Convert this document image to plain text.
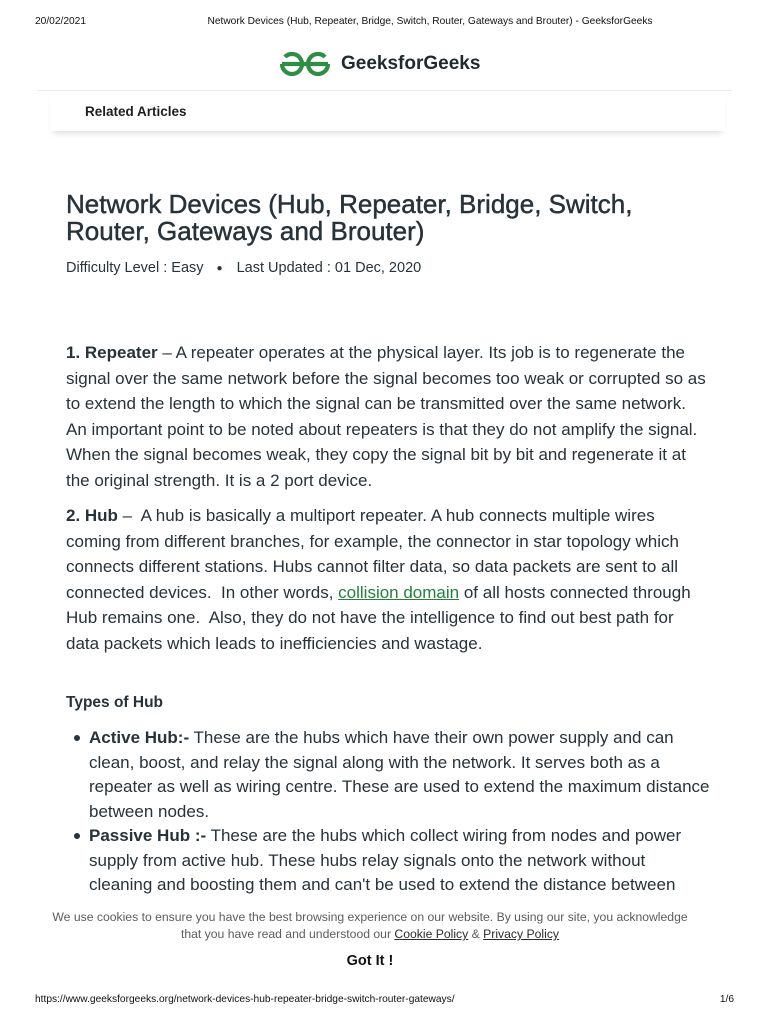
20/02/2021	Network Devices (Hub, Repeater, Bridge, Switch, Router, Gateways and Brouter) - GeeksforGeeks
GeeksforGeeks
Related Articles
Network Devices (Hub, Repeater, Bridge, Switch,
Router, Gateways and Brouter)
Difficulty Level : Easy ● Last Updated : 01 Dec, 2020

1. Repeater – A repeater operates at the physical layer. Its job is to regenerate the
signal over the same network before the signal becomes too weak or corrupted so as
to extend the length to which the signal can be transmitted over the same network.
An important point to be noted about repeaters is that they do not amplify the signal.
When the signal becomes weak, they copy the signal bit by bit and regenerate it at
the original strength. It is a 2 port device.

2. Hub –  A hub is basically a multiport repeater. A hub connects multiple wires
coming from different branches, for example, the connector in star topology which
connects different stations. Hubs cannot filter data, so data packets are sent to all
connected devices.  In other words, collision domain of all hosts connected through
Hub remains one.  Also, they do not have the intelligence to find out best path for
data packets which leads to inefficiencies and wastage.

Types of Hub
Active Hub:- These are the hubs which have their own power supply and can
clean, boost, and relay the signal along with the network. It serves both as a
repeater as well as wiring centre. These are used to extend the maximum distance
between nodes.
Passive Hub :- These are the hubs which collect wiring from nodes and power
supply from active hub. These hubs relay signals onto the network without
cleaning and boosting them and can't be used to extend the distance between

We use cookies to ensure you have the best browsing experience on our website. By using our site, you acknowledge

that you have read and understood our Cookie Policy & Privacy Policy

Got It !
https://www.geeksforgeeks.org/network-devices-hub-repeater-bridge-switch-router-gateways/	1/6
